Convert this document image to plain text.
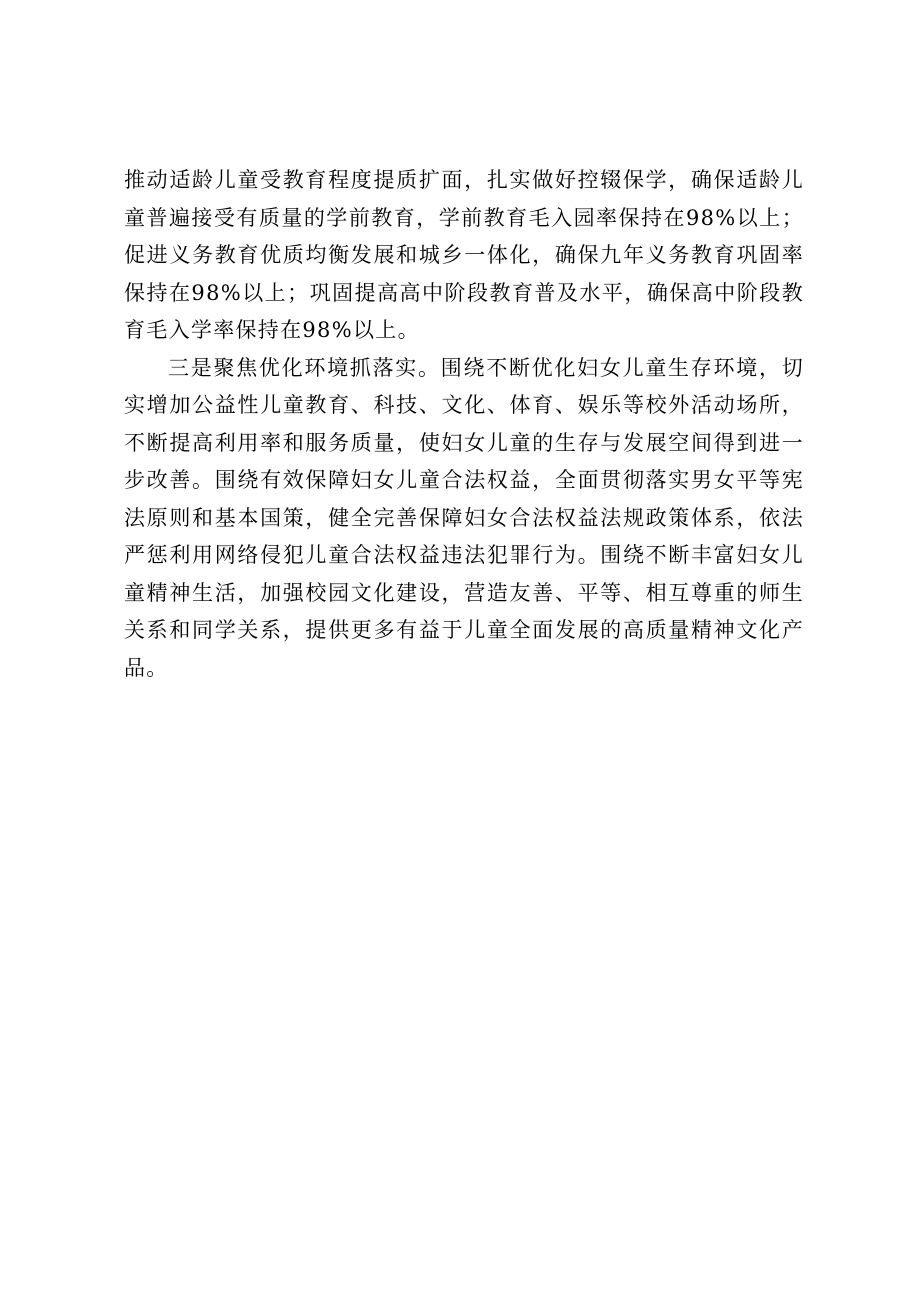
推动适龄儿童受教育程度提质扩面，扎实做好控辍保学，确保适龄儿童普遍接受有质量的学前教育，学前教育毛入园率保持在98%以上；促进义务教育优质均衡发展和城乡一体化，确保九年义务教育巩固率保持在98%以上；巩固提高高中阶段教育普及水平，确保高中阶段教育毛入学率保持在98%以上。

三是聚焦优化环境抓落实。围绕不断优化妇女儿童生存环境，切实增加公益性儿童教育、科技、文化、体育、娱乐等校外活动场所，不断提高利用率和服务质量，使妇女儿童的生存与发展空间得到进一步改善。围绕有效保障妇女儿童合法权益，全面贯彻落实男女平等宪法原则和基本国策，健全完善保障妇女合法权益法规政策体系，依法严惩利用网络侵犯儿童合法权益违法犯罪行为。围绕不断丰富妇女儿童精神生活，加强校园文化建设，营造友善、平等、相互尊重的师生关系和同学关系，提供更多有益于儿童全面发展的高质量精神文化产品。
